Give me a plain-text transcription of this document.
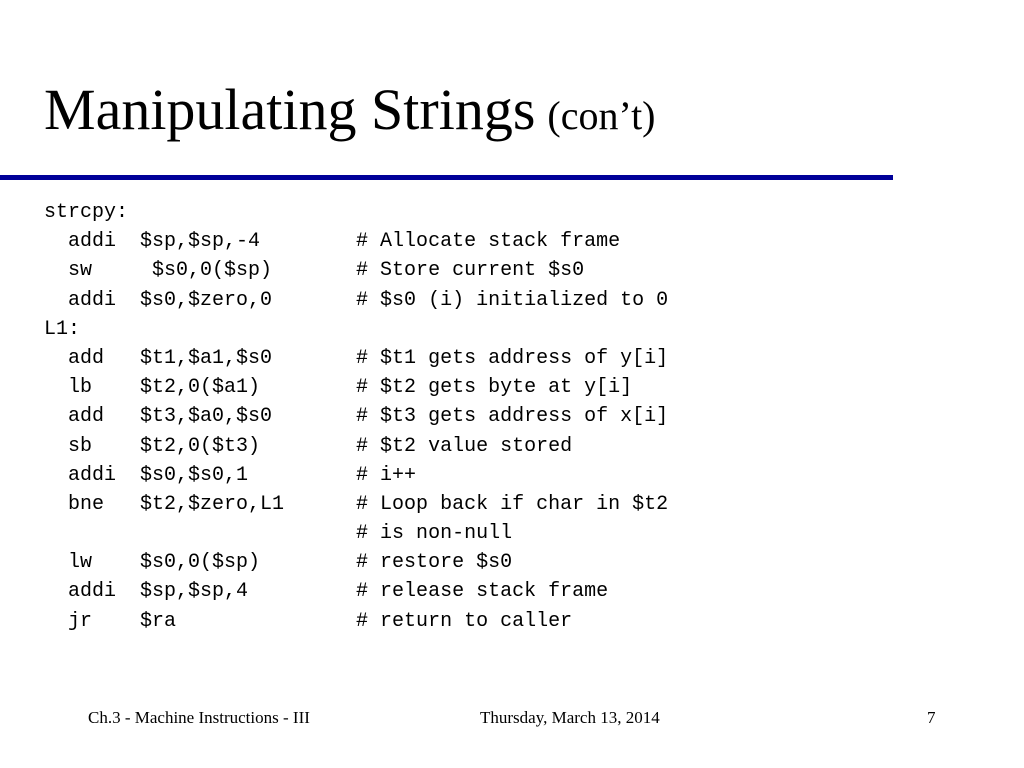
Manipulating Strings (con’t)
strcpy:
addi  $sp,$sp,-4        # Allocate stack frame
sw     $s0,0($sp)       # Store current $s0
addi  $s0,$zero,0       # $s0 (i) initialized to 0
L1:
add   $t1,$a1,$s0       # $t1 gets address of y[i]
lb    $t2,0($a1)        # $t2 gets byte at y[i]
add   $t3,$a0,$s0       # $t3 gets address of x[i]
sb    $t2,0($t3)        # $t2 value stored
addi  $s0,$s0,1         # i++
bne   $t2,$zero,L1      # Loop back if char in $t2
# is non-null
lw    $s0,0($sp)        # restore $s0
addi  $sp,$sp,4         # release stack frame
jr    $ra               # return to caller
Ch.3 - Machine Instructions - III	Thursday, March 13, 2014	7
